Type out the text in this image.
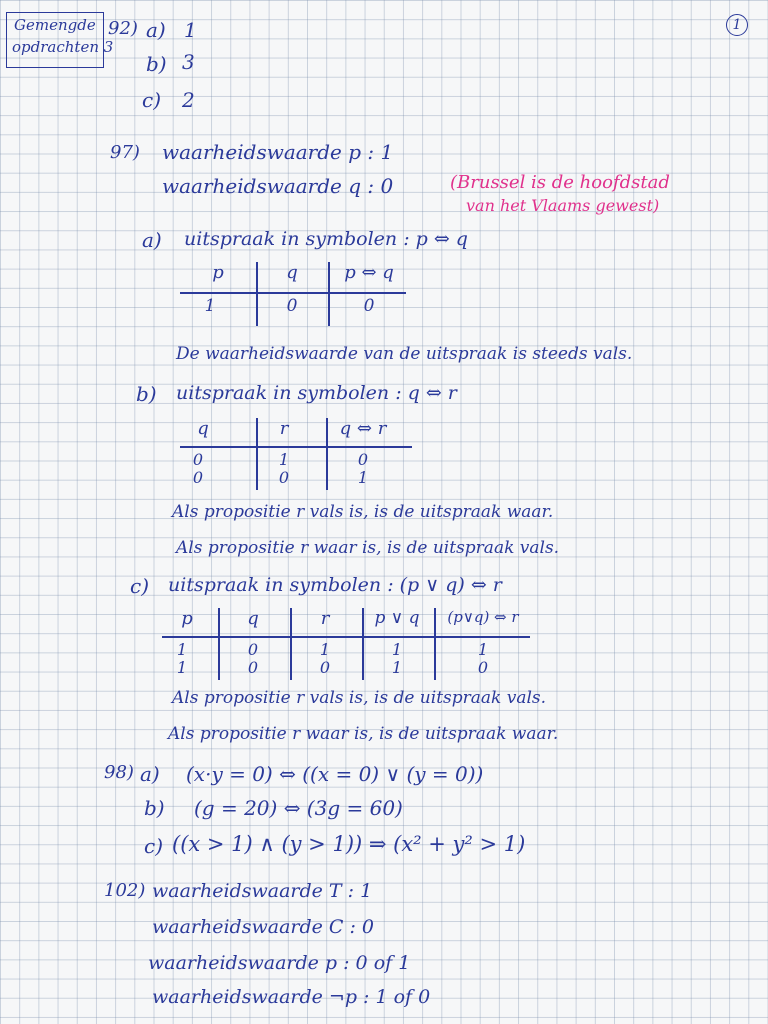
Gemengde
opdrachten 3
1
92) a) 1
b) 3
c) 2
97) waarheidswaarde p : 1
waarheidswaarde q : 0	(Brussel is de hoofdstad
van het Vlaams gewest)
a) uitspraak in symbolen : p ⇔ q
p	q	p ⇔ q
1	0	0
De waarheidswaarde van de uitspraak is steeds vals.
b) uitspraak in symbolen : q ⇔ r
q	r	q ⇔ r
0	1	0
0	0	1
Als propositie r vals is, is de uitspraak waar.
Als propositie r waar is, is de uitspraak vals.
c) uitspraak in symbolen : (p ∨ q) ⇔ r
p	q	r	p ∨ q	(p∨q) ⇔ r
1	0	1	1	1
1	0	0	1	0
Als propositie r vals is, is de uitspraak vals.
Als propositie r waar is, is de uitspraak waar.
98) a) (x·y = 0) ⇔ ((x = 0) ∨ (y = 0))
b) (g = 20) ⇔ (3g = 60)
c) ((x > 1) ∧ (y > 1)) ⇒ (x² + y² > 1)
102) waarheidswaarde T : 1
waarheidswaarde C : 0
waarheidswaarde p : 0 of 1
waarheidswaarde ¬p : 1 of 0
